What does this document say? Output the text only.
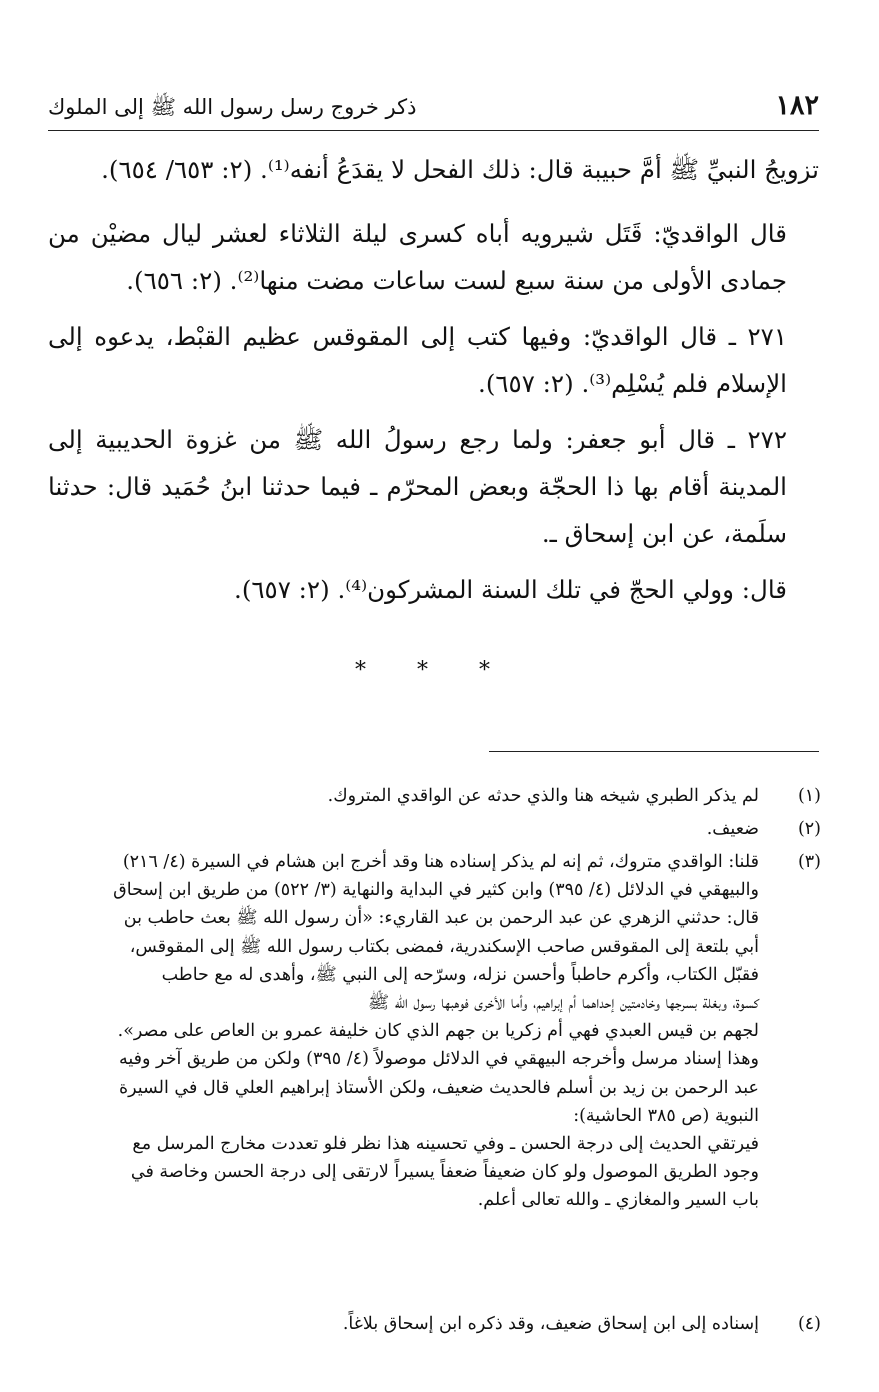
١٨٢
ذكر خروج رسل رسول الله ﷺ إلى الملوك

تزويجُ النبيِّ ﷺ أمَّ حبيبة قال: ذلك الفحل لا يقدَعُ أنفه⁽¹⁾. (٢: ٦٥٣/ ٦٥٤).

قال الواقديّ: قَتَل شيرويه أباه كسرى ليلة الثلاثاء لعشر ليال مضيْن من جمادى الأولى من سنة سبع لست ساعات مضت منها⁽²⁾. (٢: ٦٥٦).

٢٧١ ـ قال الواقديّ: وفيها كتب إلى المقوقس عظيم القبْط، يدعوه إلى الإسلام فلم يُسْلِم⁽³⁾. (٢: ٦٥٧).

٢٧٢ ـ قال أبو جعفر: ولما رجع رسولُ الله ﷺ من غزوة الحديبية إلى المدينة أقام بها ذا الحجّة وبعض المحرّم ـ فيما حدثنا ابنُ حُمَيد قال: حدثنا سلَمة، عن ابن إسحاق ـ.

قال: وولي الحجّ في تلك السنة المشركون⁽⁴⁾. (٢: ٦٥٧).

* * *
(١)
لم يذكر الطبري شيخه هنا والذي حدثه عن الواقدي المتروك.
(٢)
ضعيف.
(٣)
قلنا: الواقدي متروك، ثم إنه لم يذكر إسناده هنا وقد أخرج ابن هشام في السيرة (٤/ ٢١٦)
والبيهقي في الدلائل (٤/ ٣٩٥) وابن كثير في البداية والنهاية (٣/ ٥٢٢) من طريق ابن إسحاق
قال: حدثني الزهري عن عبد الرحمن بن عبد القاريء: «أن رسول الله ﷺ بعث حاطب بن
أبي بلتعة إلى المقوقس صاحب الإسكندرية، فمضى بكتاب رسول الله ﷺ إلى المقوقس،
فقبّل الكتاب، وأكرم حاطباً وأحسن نزله، وسرّحه إلى النبي ﷺ، وأهدى له مع حاطب
كسوة، وبغلة بسرجها وخادمتين إحداهما أم إبراهيم، وأما الأخرى فوهبها رسول الله ﷺ
لجهم بن قيس العبدي فهي أم زكريا بن جهم الذي كان خليفة عمرو بن العاص على مصر».
وهذا إسناد مرسل وأخرجه البيهقي في الدلائل موصولاً (٤/ ٣٩٥) ولكن من طريق آخر وفيه
عبد الرحمن بن زيد بن أسلم فالحديث ضعيف، ولكن الأستاذ إبراهيم العلي قال في السيرة
النبوية (ص ٣٨٥ الحاشية):
فيرتقي الحديث إلى درجة الحسن ـ وفي تحسينه هذا نظر فلو تعددت مخارج المرسل مع
وجود الطريق الموصول ولو كان ضعيفاً ضعفاً يسيراً لارتقى إلى درجة الحسن وخاصة في
باب السير والمغازي ـ والله تعالى أعلم.
(٤)
إسناده إلى ابن إسحاق ضعيف، وقد ذكره ابن إسحاق بلاغاً.
